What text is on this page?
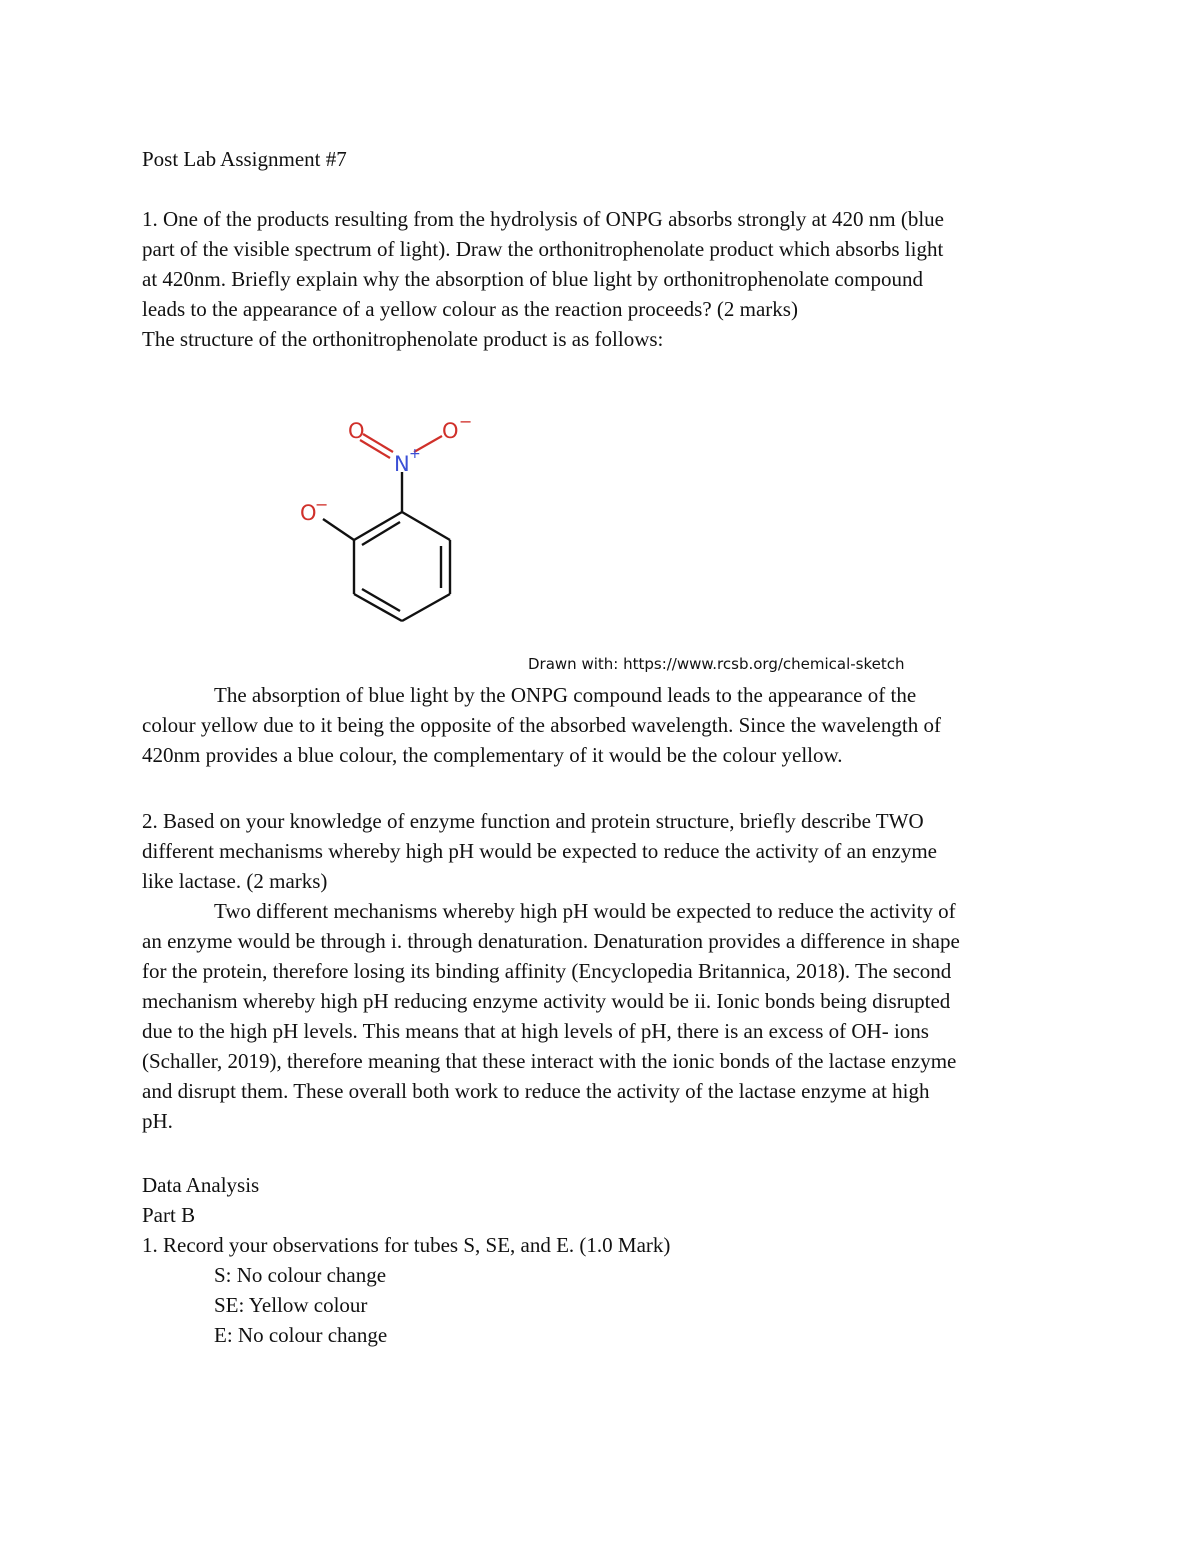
Post Lab Assignment #7

1. One of the products resulting from the hydrolysis of ONPG absorbs strongly at 420 nm (blue
part of the visible spectrum of light). Draw the orthonitrophenolate product which absorbs light
at 420nm. Briefly explain why the absorption of blue light by orthonitrophenolate compound
leads to the appearance of a yellow colour as the reaction proceeds? (2 marks)

The structure of the orthonitrophenolate product is as follows:

O
N +
O −
O
−

Drawn with: https://www.rcsb.org/chemical-sketch

The absorption of blue light by the ONPG compound leads to the appearance of the
colour yellow due to it being the opposite of the absorbed wavelength. Since the wavelength of
420nm provides a blue colour, the complementary of it would be the colour yellow.
2. Based on your knowledge of enzyme function and protein structure, briefly describe TWO
different mechanisms whereby high pH would be expected to reduce the activity of an enzyme
like lactase. (2 marks)
Two different mechanisms whereby high pH would be expected to reduce the activity of
an enzyme would be through i. through denaturation. Denaturation provides a difference in shape
for the protein, therefore losing its binding affinity (Encyclopedia Britannica, 2018). The second
mechanism whereby high pH reducing enzyme activity would be ii. Ionic bonds being disrupted
due to the high pH levels. This means that at high levels of pH, there is an excess of OH- ions
(Schaller, 2019), therefore meaning that these interact with the ionic bonds of the lactase enzyme
and disrupt them. These overall both work to reduce the activity of the lactase enzyme at high
pH.
Data Analysis
Part B
1. Record your observations for tubes S, SE, and E. (1.0 Mark)
S: No colour change
SE: Yellow colour
E: No colour change
